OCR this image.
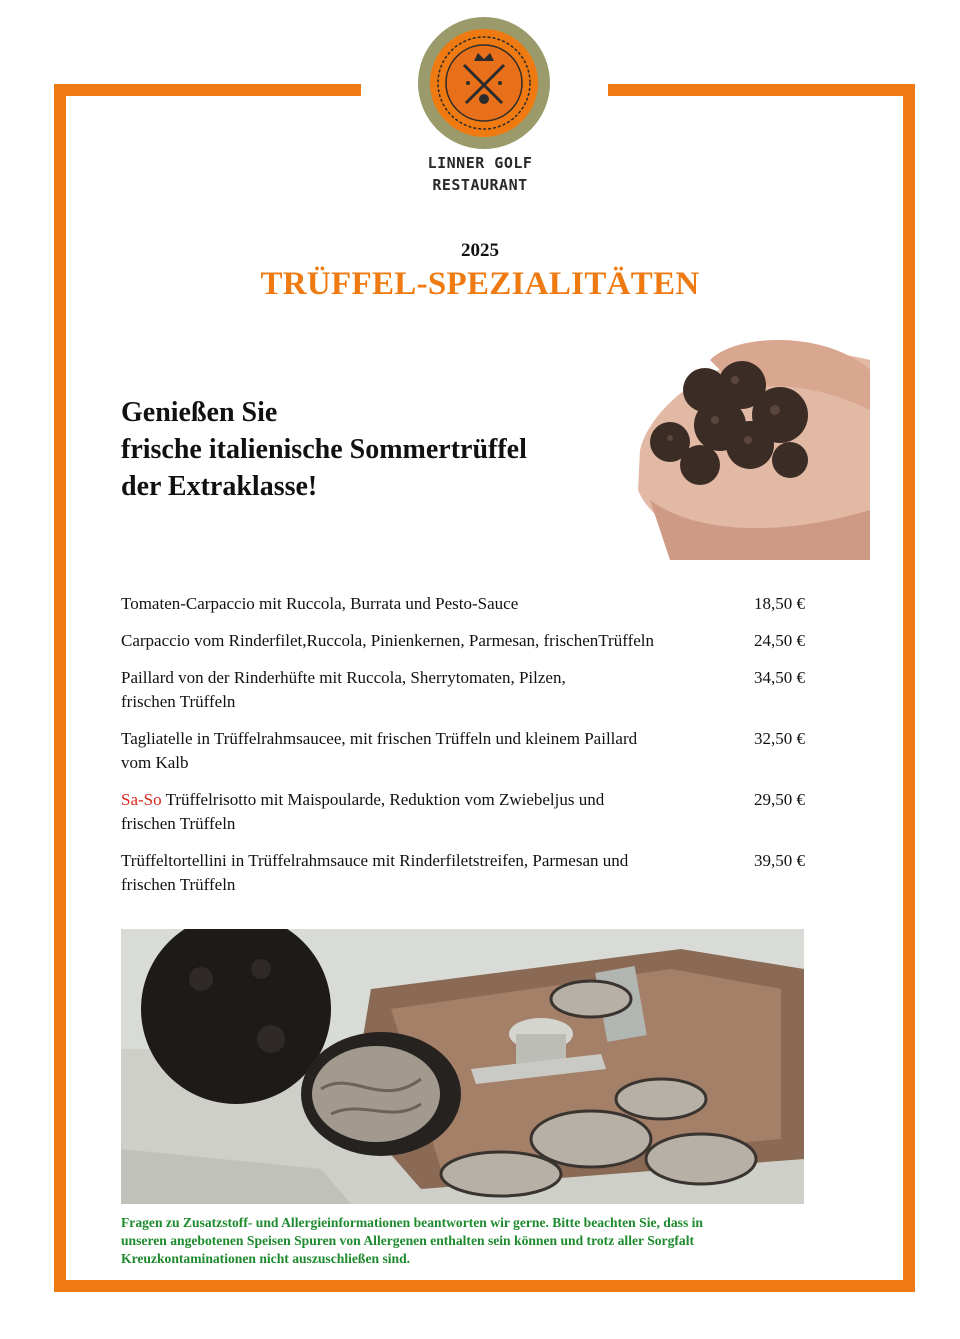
LINNER GOLF
RESTAURANT
2025
TRÜFFEL-SPEZIALITÄTEN
Genießen Sie
frische italienische Sommertrüffel
der Extraklasse!
Tomaten-Carpaccio mit Ruccola, Burrata und Pesto-Sauce	18,50 €
Carpaccio vom Rinderfilet,Ruccola, Pinienkernen, Parmesan, frischenTrüffeln	24,50 €
Paillard von der Rinderhüfte mit Ruccola, Sherrytomaten, Pilzen,
frischen Trüffeln
34,50 €
Tagliatelle in Trüffelrahmsaucee, mit frischen Trüffeln und kleinem Paillard
vom Kalb
32,50 €
Sa-So Trüffelrisotto mit Maispoularde, Reduktion vom Zwiebeljus und
frischen Trüffeln
29,50 €
Trüffeltortellini in Trüffelrahmsauce mit Rinderfiletstreifen, Parmesan und
frischen Trüffeln
39,50 €
Fragen zu Zusatzstoff- und Allergieinformationen beantworten wir gerne. Bitte beachten Sie, dass in
unseren angebotenen Speisen Spuren von Allergenen enthalten sein können und trotz aller Sorgfalt
Kreuzkontaminationen nicht auszuschließen sind.
